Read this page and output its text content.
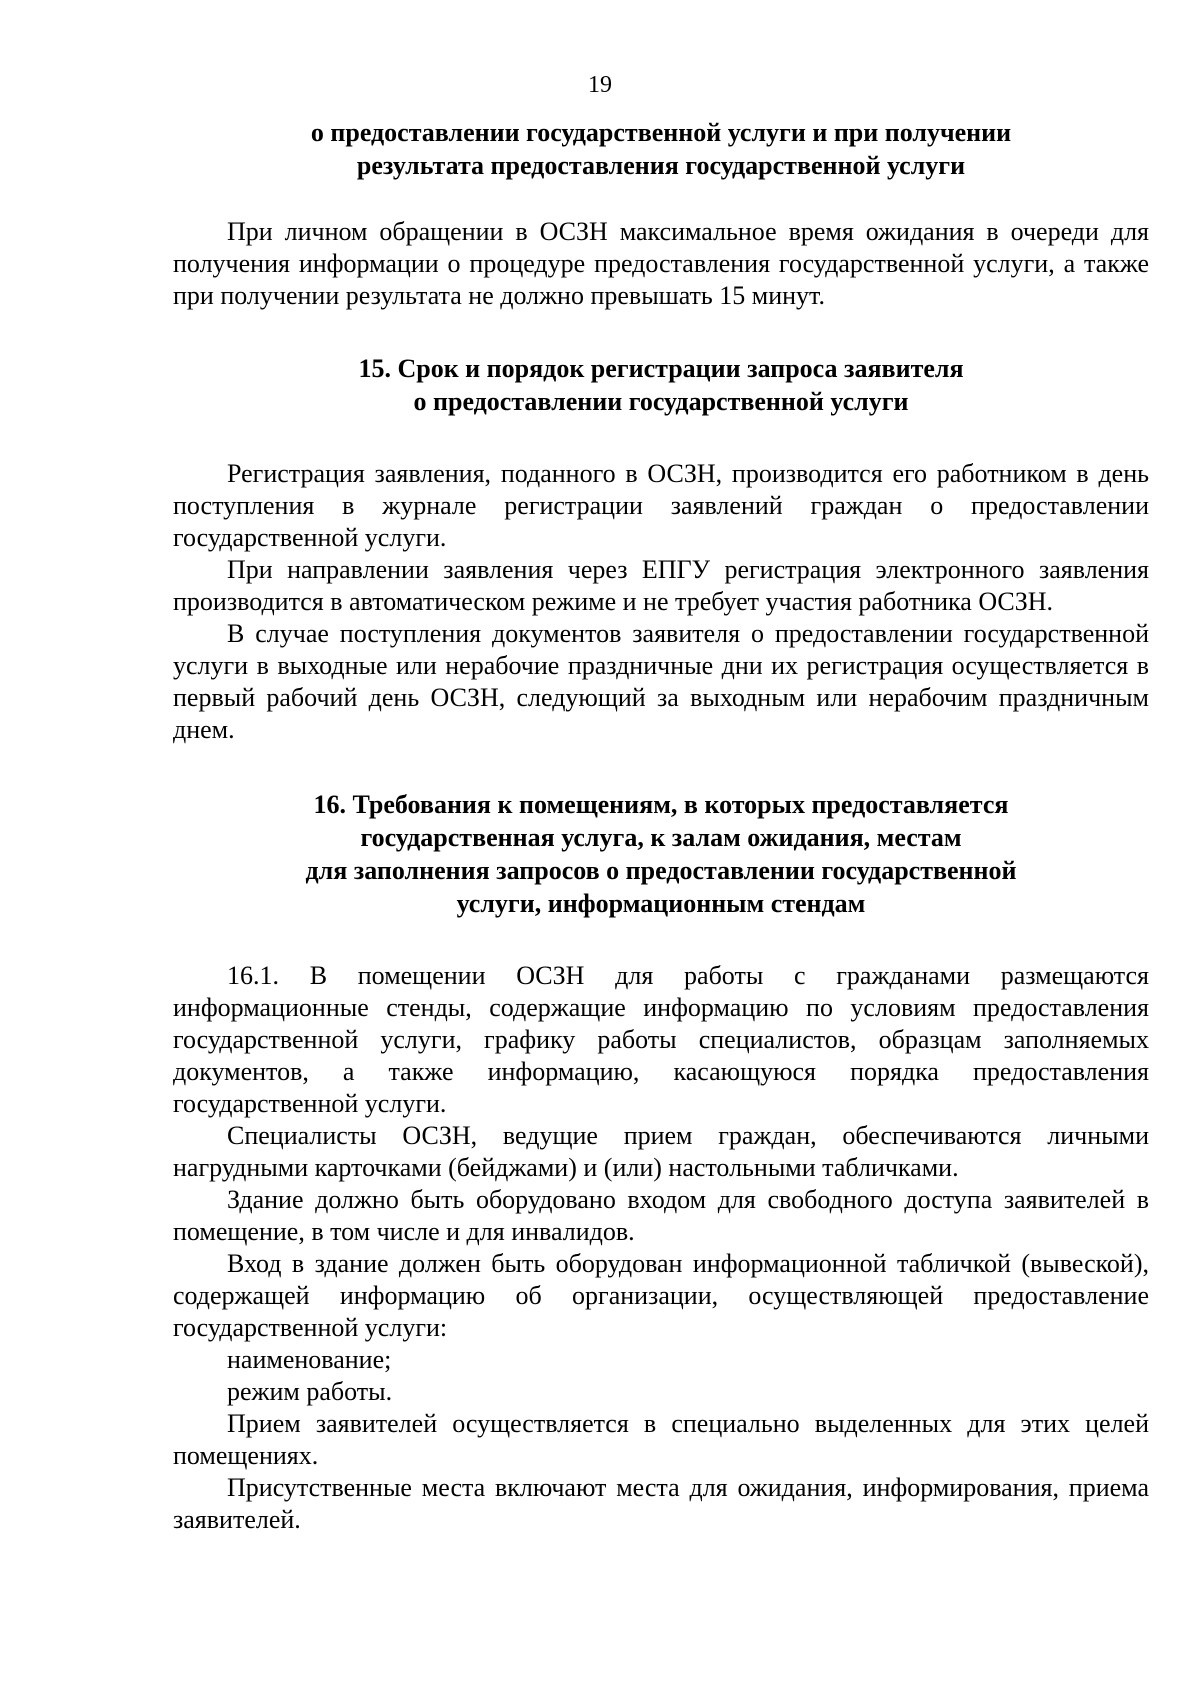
19
о предоставлении государственной услуги и при получении
результата предоставления государственной услуги

При личном обращении в ОСЗН максимальное время ожидания в очереди для получения информации о процедуре предоставления государственной услуги, а также при получении результата не должно превышать 15 минут.

15. Срок и порядок регистрации запроса заявителя
о предоставлении государственной услуги

Регистрация заявления, поданного в ОСЗН, производится его работником в день поступления в журнале регистрации заявлений граждан о предоставлении государственной услуги.

При направлении заявления через ЕПГУ регистрация электронного заявления производится в автоматическом режиме и не требует участия работника ОСЗН.

В случае поступления документов заявителя о предоставлении государственной услуги в выходные или нерабочие праздничные дни их регистрация осуществляется в первый рабочий день ОСЗН, следующий за выходным или нерабочим праздничным днем.

16. Требования к помещениям, в которых предоставляется
государственная услуга, к залам ожидания, местам
для заполнения запросов о предоставлении государственной
услуги, информационным стендам

16.1. В помещении ОСЗН для работы с гражданами размещаются информационные стенды, содержащие информацию по условиям предоставления государственной услуги, графику работы специалистов, образцам заполняемых документов, а также информацию, касающуюся порядка предоставления государственной услуги.

Специалисты ОСЗН, ведущие прием граждан, обеспечиваются личными нагрудными карточками (бейджами) и (или) настольными табличками.

Здание должно быть оборудовано входом для свободного доступа заявителей в помещение, в том числе и для инвалидов.

Вход в здание должен быть оборудован информационной табличкой (вывеской), содержащей информацию об организации, осуществляющей предоставление государственной услуги:

наименование;

режим работы.

Прием заявителей осуществляется в специально выделенных для этих целей помещениях.

Присутственные места включают места для ожидания, информирования, приема заявителей.
